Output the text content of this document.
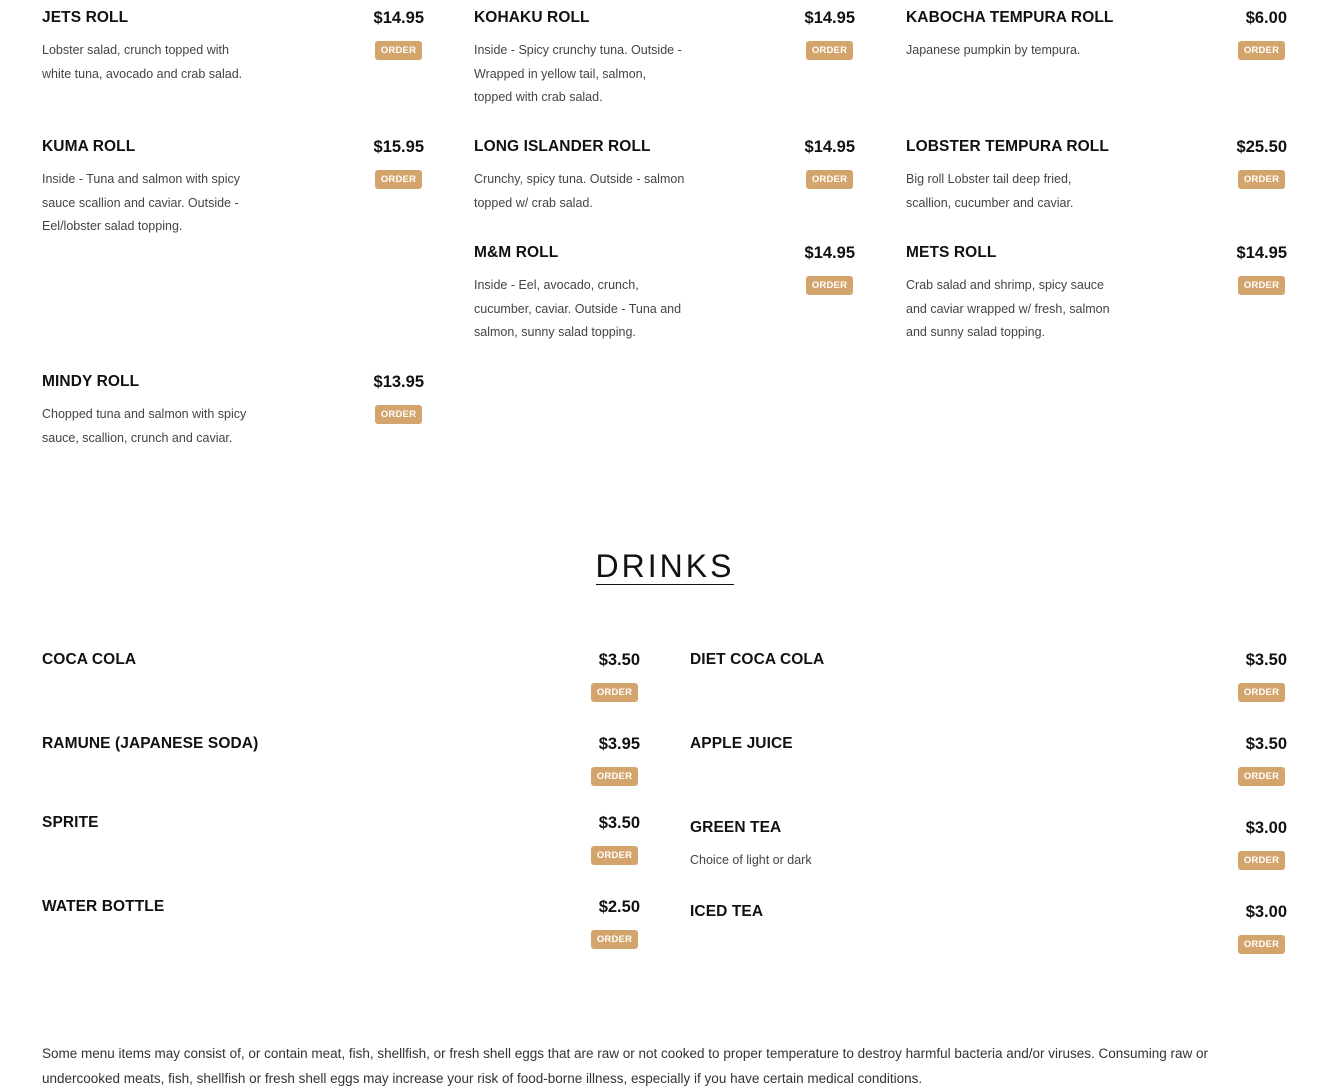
JETS ROLL	$14.95
ORDER
Lobster salad, crunch topped with
white tuna, avocado and crab salad.
KOHAKU ROLL	$14.95
ORDER
Inside - Spicy crunchy tuna. Outside -
Wrapped in yellow tail, salmon,
topped with crab salad.
KABOCHA TEMPURA ROLL	$6.00
ORDER
Japanese pumpkin by tempura.
KUMA ROLL	$15.95
ORDER
Inside - Tuna and salmon with spicy
sauce scallion and caviar. Outside -
Eel/lobster salad topping.
LONG ISLANDER ROLL	$14.95
ORDER
Crunchy, spicy tuna. Outside - salmon
topped w/ crab salad.
LOBSTER TEMPURA ROLL	$25.50
ORDER
Big roll Lobster tail deep fried,
scallion, cucumber and caviar.
M&M ROLL	$14.95
ORDER
Inside - Eel, avocado, crunch,
cucumber, caviar. Outside - Tuna and
salmon, sunny salad topping.
METS ROLL	$14.95
ORDER
Crab salad and shrimp, spicy sauce
and caviar wrapped w/ fresh, salmon
and sunny salad topping.
MINDY ROLL	$13.95
ORDER
Chopped tuna and salmon with spicy
sauce, scallion, crunch and caviar.
DRINKS
COCA COLA	$3.50
ORDER
DIET COCA COLA	$3.50
ORDER
RAMUNE (JAPANESE SODA)	$3.95
ORDER
APPLE JUICE	$3.50
ORDER
SPRITE	$3.50
ORDER
GREEN TEA	$3.00
ORDER
Choice of light or dark
WATER BOTTLE	$2.50
ORDER
ICED TEA	$3.00
ORDER
Some menu items may consist of, or contain meat, fish, shellfish, or fresh shell eggs that are raw or not cooked to proper temperature to destroy harmful bacteria and/or viruses. Consuming raw or
undercooked meats, fish, shellfish or fresh shell eggs may increase your risk of food-borne illness, especially if you have certain medical conditions.
